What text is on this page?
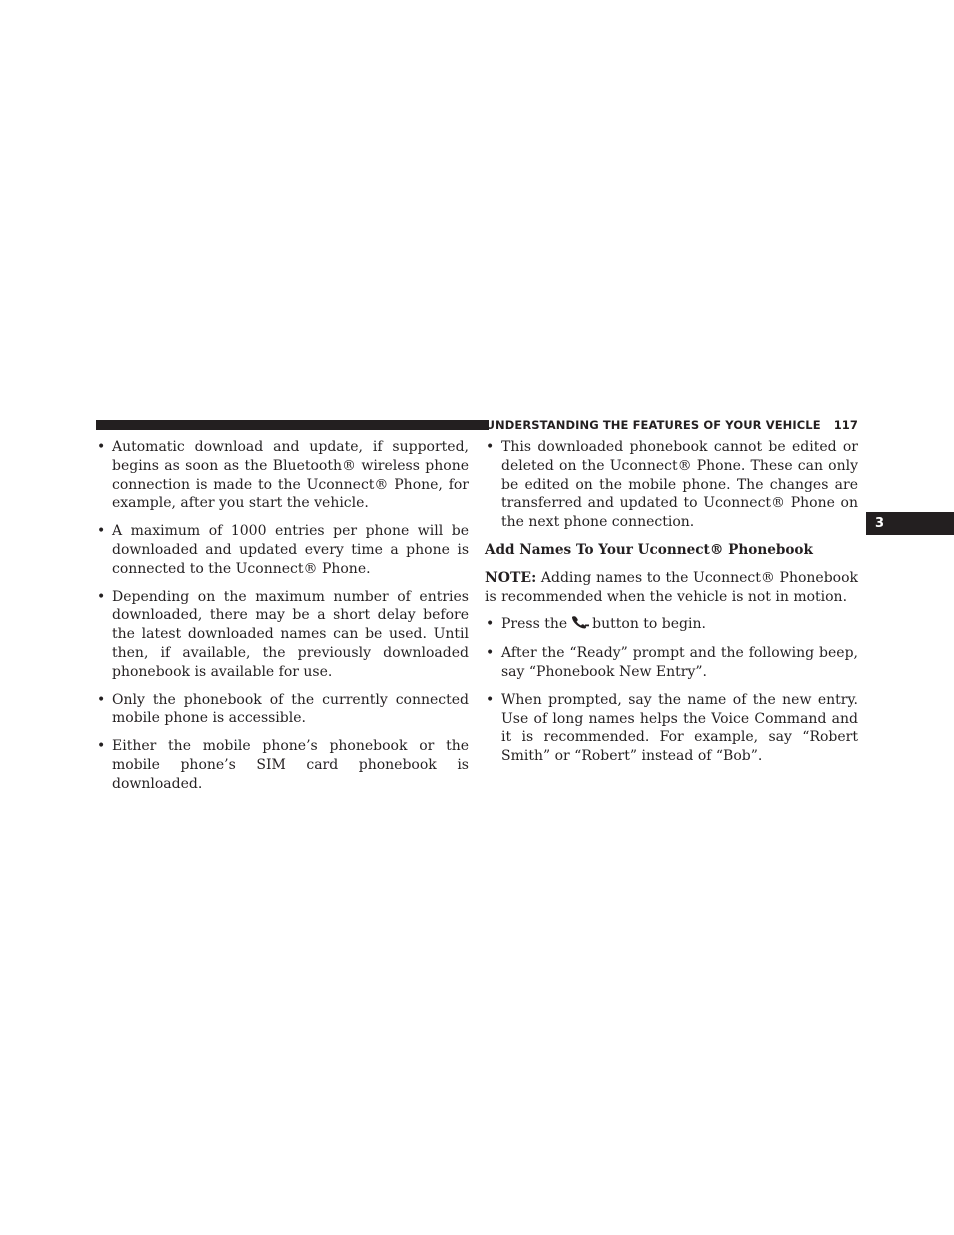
UNDERSTANDING THE FEATURES OF YOUR VEHICLE 117
3

• Automatic download and update, if supported, begins as soon as the Bluetooth® wireless phone connection is made to the Uconnect® Phone, for example, after you start the vehicle.

• A maximum of 1000 entries per phone will be downloaded and updated every time a phone is connected to the Uconnect® Phone.

• Depending on the maximum number of entries downloaded, there may be a short delay before the latest downloaded names can be used. Until then, if available, the previously downloaded phonebook is available for use.

• Only the phonebook of the currently connected mobile phone is accessible.

• Either the mobile phone’s phonebook or the mobile phone’s SIM card phonebook is downloaded.

• This downloaded phonebook cannot be edited or deleted on the Uconnect® Phone. These can only be edited on the mobile phone. The changes are transferred and updated to Uconnect® Phone on the next phone connection.

Add Names To Your Uconnect® Phonebook

NOTE: Adding names to the Uconnect® Phonebook is recommended when the vehicle is not in motion.

• Press the button to begin.

• After the “Ready” prompt and the following beep, say “Phonebook New Entry”.

• When prompted, say the name of the new entry. Use of long names helps the Voice Command and it is recommended. For example, say “Robert Smith” or “Robert” instead of “Bob”.
